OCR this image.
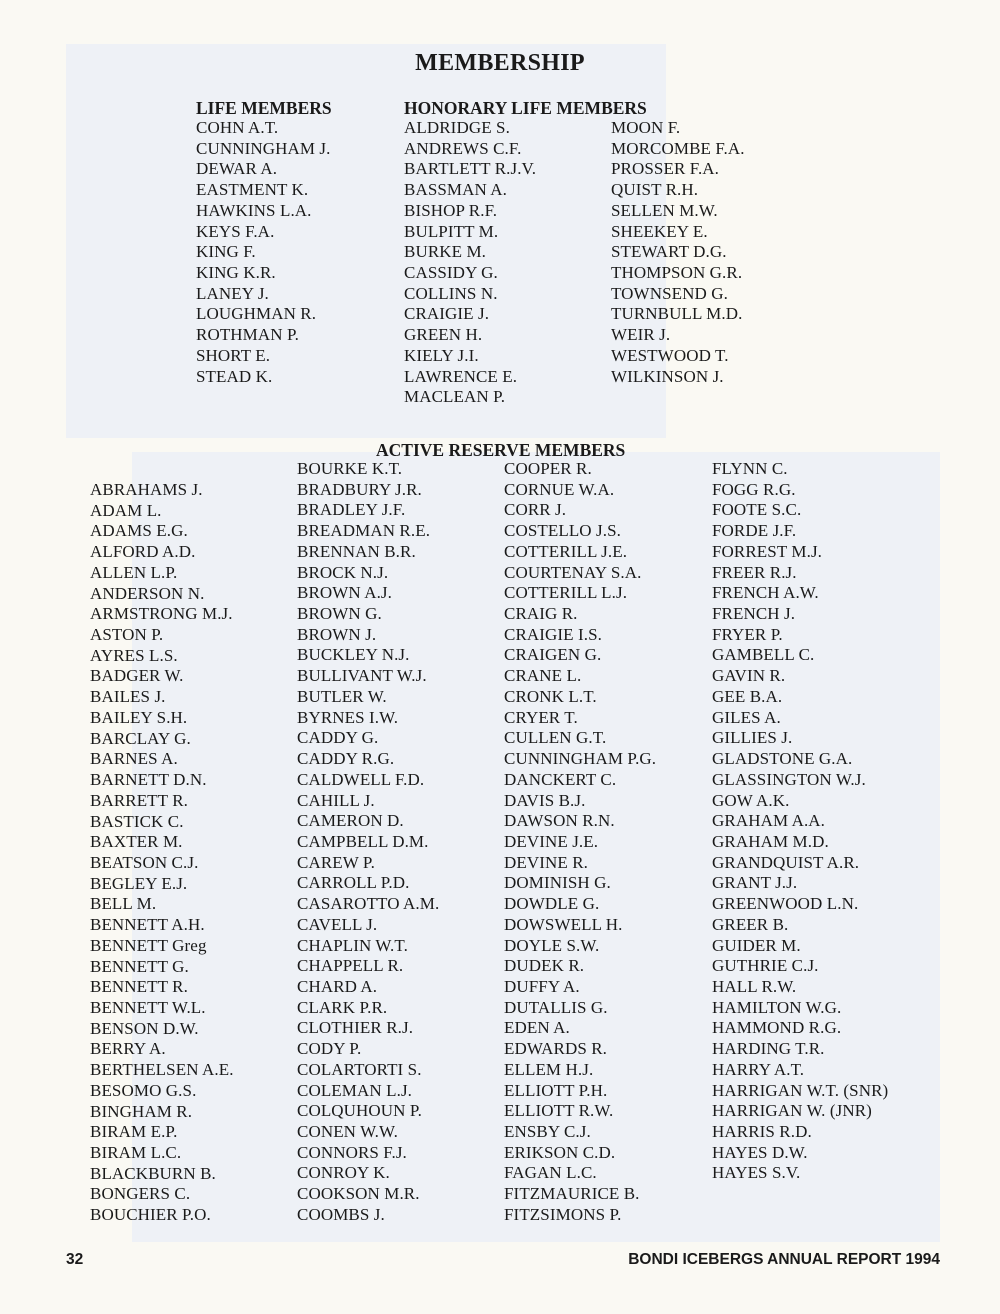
MEMBERSHIP
LIFE MEMBERS
COHN A.T.
CUNNINGHAM J.
DEWAR A.
EASTMENT K.
HAWKINS L.A.
KEYS F.A.
KING F.
KING K.R.
LANEY J.
LOUGHMAN R.
ROTHMAN P.
SHORT E.
STEAD K.
HONORARY LIFE MEMBERS
ALDRIDGE S.
ANDREWS C.F.
BARTLETT R.J.V.
BASSMAN A.
BISHOP R.F.
BULPITT M.
BURKE M.
CASSIDY G.
COLLINS N.
CRAIGIE J.
GREEN H.
KIELY J.I.
LAWRENCE E.
MACLEAN P.
MOON F.
MORCOMBE F.A.
PROSSER F.A.
QUIST R.H.
SELLEN M.W.
SHEEKEY E.
STEWART D.G.
THOMPSON G.R.
TOWNSEND G.
TURNBULL M.D.
WEIR J.
WESTWOOD T.
WILKINSON J.
ACTIVE RESERVE MEMBERS
ABRAHAMS J.
ADAM L.
ADAMS E.G.
ALFORD A.D.
ALLEN L.P.
ANDERSON N.
ARMSTRONG M.J.
ASTON P.
AYRES L.S.
BADGER W.
BAILES J.
BAILEY S.H.
BARCLAY G.
BARNES A.
BARNETT D.N.
BARRETT R.
BASTICK C.
BAXTER M.
BEATSON C.J.
BEGLEY E.J.
BELL M.
BENNETT A.H.
BENNETT Greg
BENNETT G.
BENNETT R.
BENNETT W.L.
BENSON D.W.
BERRY A.
BERTHELSEN A.E.
BESOMO G.S.
BINGHAM R.
BIRAM E.P.
BIRAM L.C.
BLACKBURN B.
BONGERS C.
BOUCHIER P.O.
BOURKE K.T.
BRADBURY J.R.
BRADLEY J.F.
BREADMAN R.E.
BRENNAN B.R.
BROCK N.J.
BROWN A.J.
BROWN G.
BROWN J.
BUCKLEY N.J.
BULLIVANT W.J.
BUTLER W.
BYRNES I.W.
CADDY G.
CADDY R.G.
CALDWELL F.D.
CAHILL J.
CAMERON D.
CAMPBELL D.M.
CAREW P.
CARROLL P.D.
CASAROTTO A.M.
CAVELL J.
CHAPLIN W.T.
CHAPPELL R.
CHARD A.
CLARK P.R.
CLOTHIER R.J.
CODY P.
COLARTORTI S.
COLEMAN L.J.
COLQUHOUN P.
CONEN W.W.
CONNORS F.J.
CONROY K.
COOKSON M.R.
COOMBS J.
COOPER R.
CORNUE W.A.
CORR J.
COSTELLO J.S.
COTTERILL J.E.
COURTENAY S.A.
COTTERILL L.J.
CRAIG R.
CRAIGIE I.S.
CRAIGEN G.
CRANE L.
CRONK L.T.
CRYER T.
CULLEN G.T.
CUNNINGHAM P.G.
DANCKERT C.
DAVIS B.J.
DAWSON R.N.
DEVINE J.E.
DEVINE R.
DOMINISH G.
DOWDLE G.
DOWSWELL H.
DOYLE S.W.
DUDEK R.
DUFFY A.
DUTALLIS G.
EDEN A.
EDWARDS R.
ELLEM H.J.
ELLIOTT P.H.
ELLIOTT R.W.
ENSBY C.J.
ERIKSON C.D.
FAGAN L.C.
FITZMAURICE B.
FITZSIMONS P.
FLYNN C.
FOGG R.G.
FOOTE S.C.
FORDE J.F.
FORREST M.J.
FREER R.J.
FRENCH A.W.
FRENCH J.
FRYER P.
GAMBELL C.
GAVIN R.
GEE B.A.
GILES A.
GILLIES J.
GLADSTONE G.A.
GLASSINGTON W.J.
GOW A.K.
GRAHAM A.A.
GRAHAM M.D.
GRANDQUIST A.R.
GRANT J.J.
GREENWOOD L.N.
GREER B.
GUIDER M.
GUTHRIE C.J.
HALL R.W.
HAMILTON W.G.
HAMMOND R.G.
HARDING T.R.
HARRY A.T.
HARRIGAN W.T. (SNR)
HARRIGAN W. (JNR)
HARRIS R.D.
HAYES D.W.
HAYES S.V.
32	BONDI ICEBERGS ANNUAL REPORT 1994
